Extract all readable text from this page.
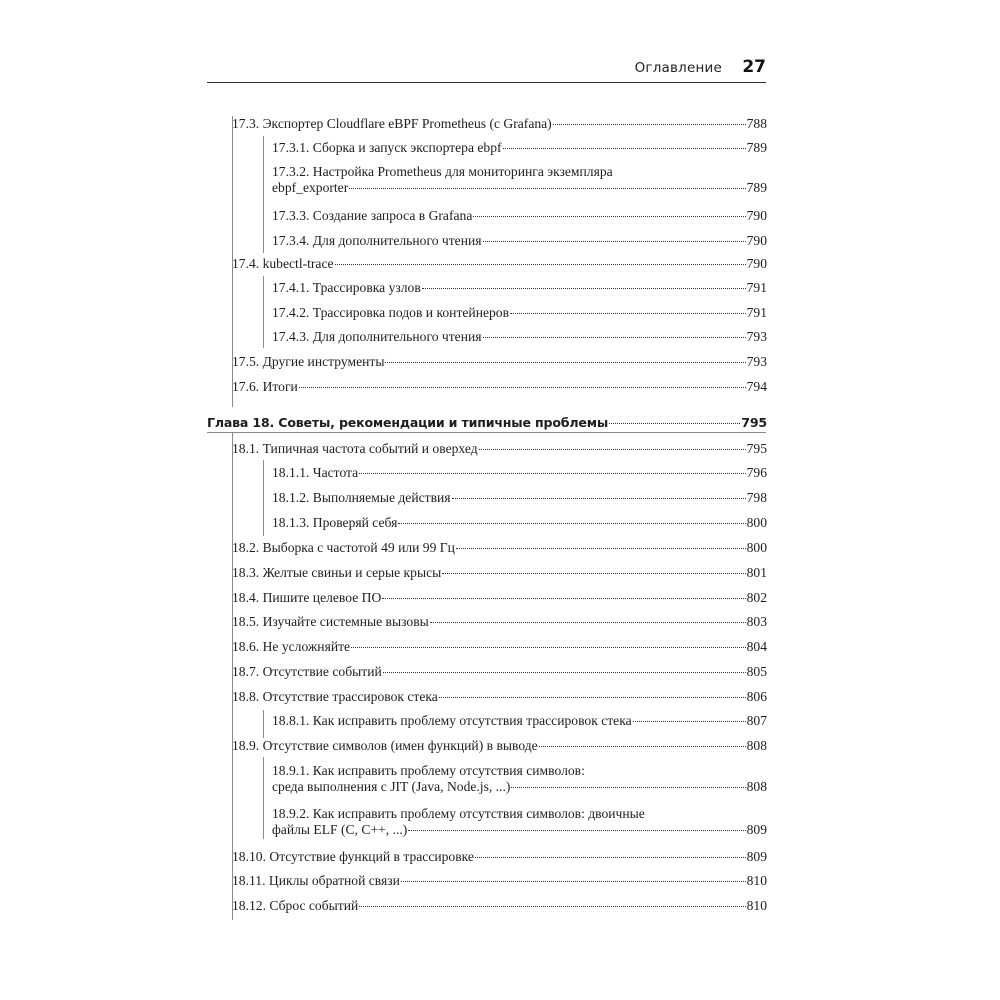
Оглавление 27
17.3. Экспортер Cloudflare eBPF Prometheus (с Grafana)	788
17.3.1. Сборка и запуск экспортера ebpf	789
17.3.2. Настройка Prometheus для мониторинга экземпляра
ebpf_exporter	789
17.3.3. Создание запроса в Grafana	790
17.3.4. Для дополнительного чтения	790
17.4. kubectl-trace	790
17.4.1. Трассировка узлов	791
17.4.2. Трассировка подов и контейнеров	791
17.4.3. Для дополнительного чтения	793
17.5. Другие инструменты	793
17.6. Итоги	794
Глава 18. Советы, рекомендации и типичные проблемы	795
18.1. Типичная частота событий и оверхед	795
18.1.1. Частота	796
18.1.2. Выполняемые действия	798
18.1.3. Проверяй себя	800
18.2. Выборка с частотой 49 или 99 Гц	800
18.3. Желтые свиньи и серые крысы	801
18.4. Пишите целевое ПО	802
18.5. Изучайте системные вызовы	803
18.6. Не усложняйте	804
18.7. Отсутствие событий	805
18.8. Отсутствие трассировок стека	806
18.8.1. Как исправить проблему отсутствия трассировок стека	807
18.9. Отсутствие символов (имен функций) в выводе	808
18.9.1. Как исправить проблему отсутствия символов:
среда выполнения с JIT (Java, Node.js, ...)	808
18.9.2. Как исправить проблему отсутствия символов: двоичные
файлы ELF (C, C++, ...)	809
18.10. Отсутствие функций в трассировке	809
18.11. Циклы обратной связи	810
18.12. Сброс событий	810
